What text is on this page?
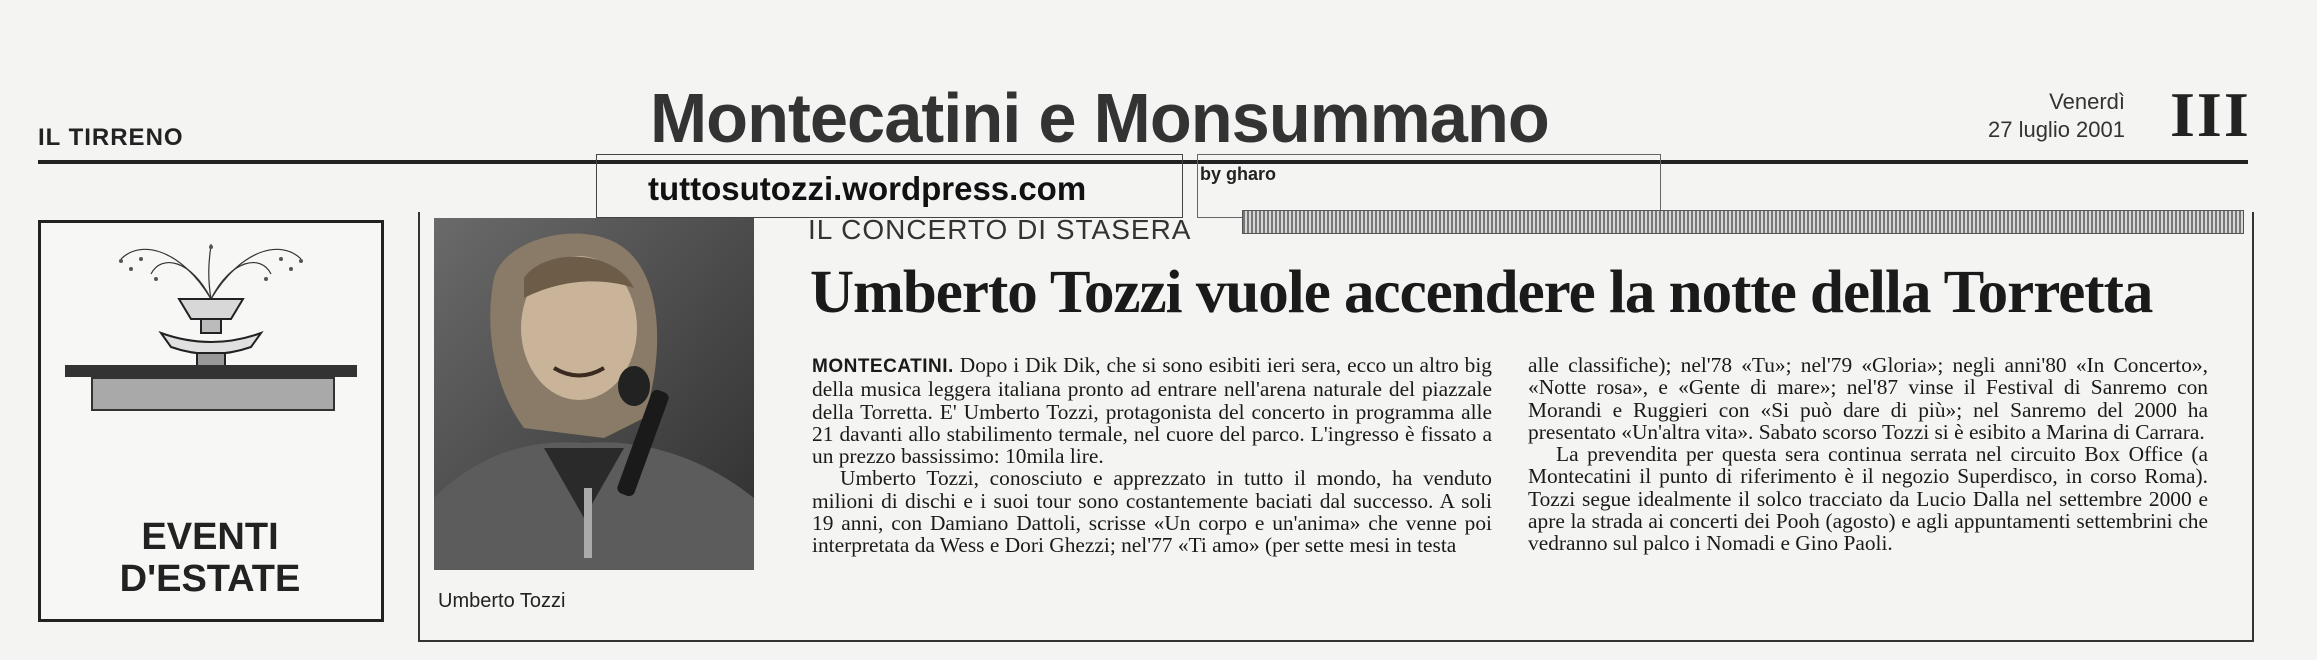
IL TIRRENO	Montecatini e Monsummano	Venerdì
27 luglio 2001 III
tuttosutozzi.wordpress.com	by gharo
EVENTI
D'ESTATE
Umberto Tozzi
IL CONCERTO DI STASERA
Umberto Tozzi vuole accendere la notte della Torretta

MONTECATINI. Dopo i Dik Dik, che si sono esibiti ieri sera, ecco un altro big della musica leggera italiana pronto ad entrare nell'arena naturale del piazzale della Torretta. E' Umberto Tozzi, protagonista del concerto in programma alle 21 davanti allo stabilimento termale, nel cuore del parco. L'ingresso è fissato a un prezzo bassissimo: 10mila lire.

Umberto Tozzi, conosciuto e apprezzato in tutto il mondo, ha venduto milioni di dischi e i suoi tour sono costantemente baciati dal successo. A soli 19 anni, con Damiano Dattoli, scrisse «Un corpo e un'anima» che venne poi interpretata da Wess e Dori Ghezzi; nel'77 «Ti amo» (per sette mesi in testa

alle classifiche); nel'78 «Tu»; nel'79 «Gloria»; negli anni'80 «In Concerto», «Notte rosa», e «Gente di mare»; nel'87 vinse il Festival di Sanremo con Morandi e Ruggieri con «Si può dare di più»; nel Sanremo del 2000 ha presentato «Un'altra vita». Sabato scorso Tozzi si è esibito a Marina di Carrara.

La prevendita per questa sera continua serrata nel circuito Box Office (a Montecatini il punto di riferimento è il negozio Superdisco, in corso Roma). Tozzi segue idealmente il solco tracciato da Lucio Dalla nel settembre 2000 e apre la strada ai concerti dei Pooh (agosto) e agli appuntamenti settembrini che vedranno sul palco i Nomadi e Gino Paoli.
